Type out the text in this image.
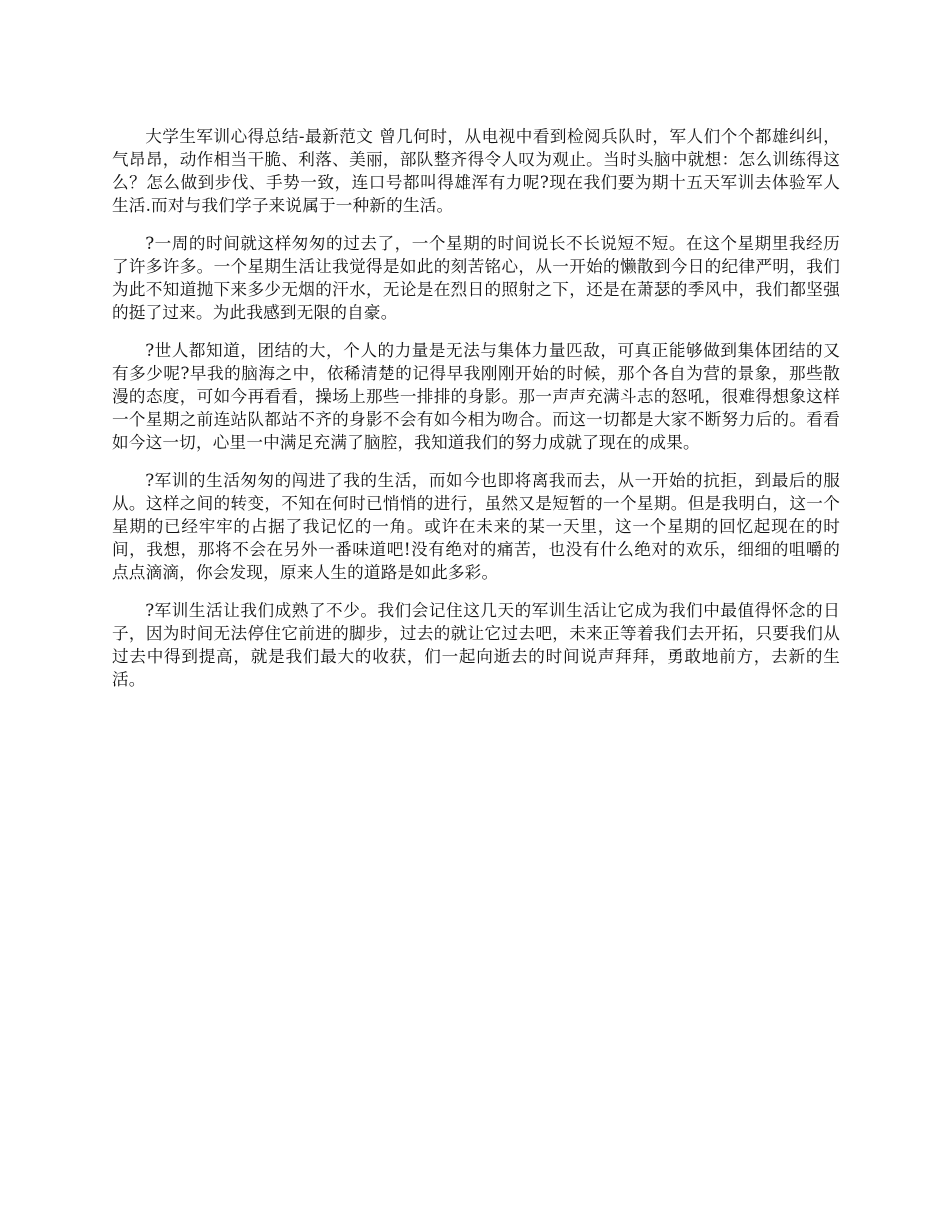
大学生军训心得总结-最新范文 曾几何时，从电视中看到检阅兵队时，军人们个个都雄纠纠，气昂昂，动作相当干脆、利落、美丽，部队整齐得令人叹为观止。当时头脑中就想：怎么训练得这么？怎么做到步伐、手势一致，连口号都叫得雄浑有力呢?现在我们要为期十五天军训去体验军人生活.而对与我们学子来说属于一种新的生活。

?一周的时间就这样匆匆的过去了，一个星期的时间说长不长说短不短。在这个星期里我经历了许多许多。一个星期生活让我觉得是如此的刻苦铭心，从一开始的懒散到今日的纪律严明，我们为此不知道抛下来多少无烟的汗水，无论是在烈日的照射之下，还是在萧瑟的季风中，我们都坚强的挺了过来。为此我感到无限的自豪。

?世人都知道，团结的大，个人的力量是无法与集体力量匹敌，可真正能够做到集体团结的又有多少呢?早我的脑海之中，依稀清楚的记得早我刚刚开始的时候，那个各自为营的景象，那些散漫的态度，可如今再看看，操场上那些一排排的身影。那一声声充满斗志的怒吼，很难得想象这样一个星期之前连站队都站不齐的身影不会有如今相为吻合。而这一切都是大家不断努力后的。看看如今这一切，心里一中满足充满了脑腔，我知道我们的努力成就了现在的成果。

?军训的生活匆匆的闯进了我的生活，而如今也即将离我而去，从一开始的抗拒，到最后的服从。这样之间的转变，不知在何时已悄悄的进行，虽然又是短暂的一个星期。但是我明白，这一个星期的已经牢牢的占据了我记忆的一角。或许在未来的某一天里，这一个星期的回忆起现在的时间，我想，那将不会在另外一番味道吧!没有绝对的痛苦，也没有什么绝对的欢乐，细细的咀嚼的点点滴滴，你会发现，原来人生的道路是如此多彩。

?军训生活让我们成熟了不少。我们会记住这几天的军训生活让它成为我们中最值得怀念的日子，因为时间无法停住它前进的脚步，过去的就让它过去吧，未来正等着我们去开拓，只要我们从过去中得到提高，就是我们最大的收获，们一起向逝去的时间说声拜拜，勇敢地前方，去新的生活。
